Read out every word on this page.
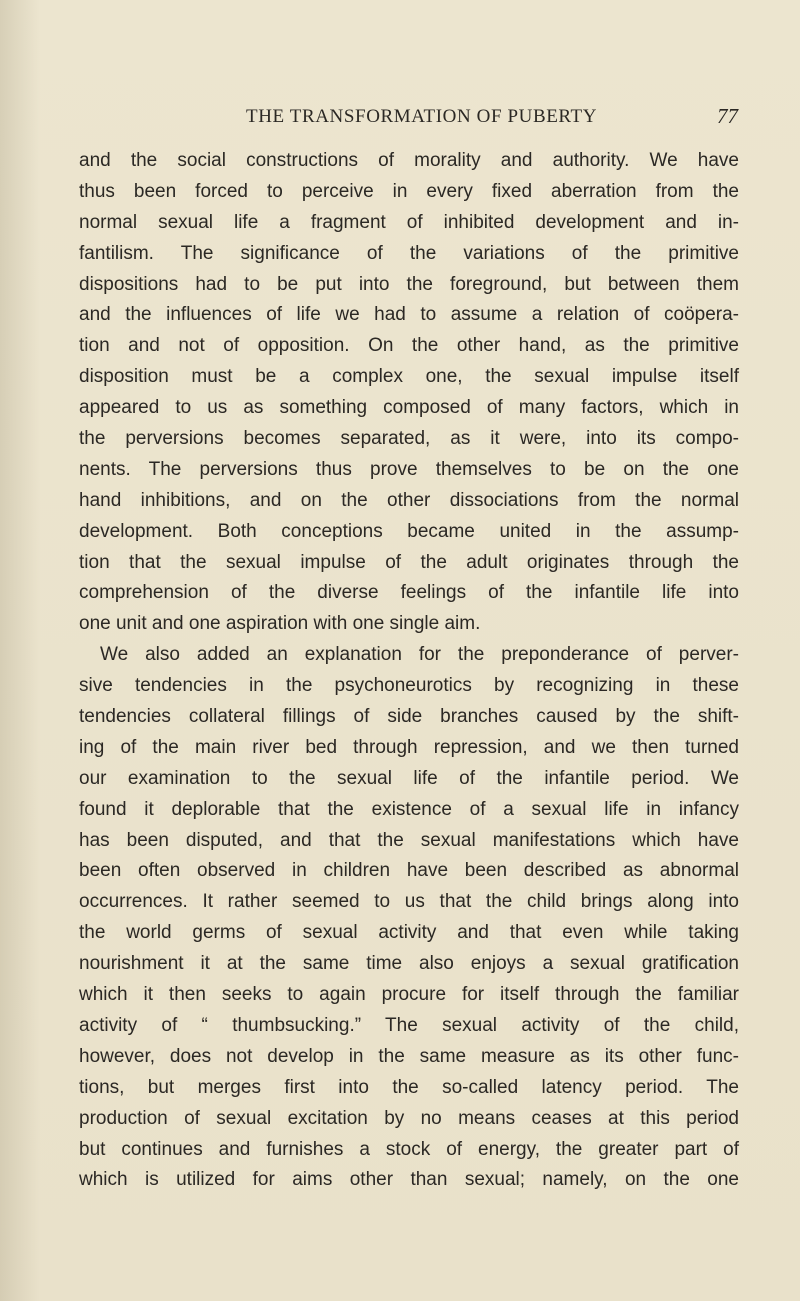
THE TRANSFORMATION OF PUBERTY	77
and the social constructions of morality and authority. We have
thus been forced to perceive in every fixed aberration from the
normal sexual life a fragment of inhibited development and in-
fantilism. The significance of the variations of the primitive
dispositions had to be put into the foreground, but between them
and the influences of life we had to assume a relation of coöpera-
tion and not of opposition. On the other hand, as the primitive
disposition must be a complex one, the sexual impulse itself
appeared to us as something composed of many factors, which in
the perversions becomes separated, as it were, into its compo-
nents. The perversions thus prove themselves to be on the one
hand inhibitions, and on the other dissociations from the normal
development. Both conceptions became united in the assump-
tion that the sexual impulse of the adult originates through the
comprehension of the diverse feelings of the infantile life into
one unit and one aspiration with one single aim.
We also added an explanation for the preponderance of perver-
sive tendencies in the psychoneurotics by recognizing in these
tendencies collateral fillings of side branches caused by the shift-
ing of the main river bed through repression, and we then turned
our examination to the sexual life of the infantile period. We
found it deplorable that the existence of a sexual life in infancy
has been disputed, and that the sexual manifestations which have
been often observed in children have been described as abnormal
occurrences. It rather seemed to us that the child brings along into
the world germs of sexual activity and that even while taking
nourishment it at the same time also enjoys a sexual gratification
which it then seeks to again procure for itself through the familiar
activity of “ thumbsucking.” The sexual activity of the child,
however, does not develop in the same measure as its other func-
tions, but merges first into the so-called latency period. The
production of sexual excitation by no means ceases at this period
but continues and furnishes a stock of energy, the greater part of
which is utilized for aims other than sexual; namely, on the one
